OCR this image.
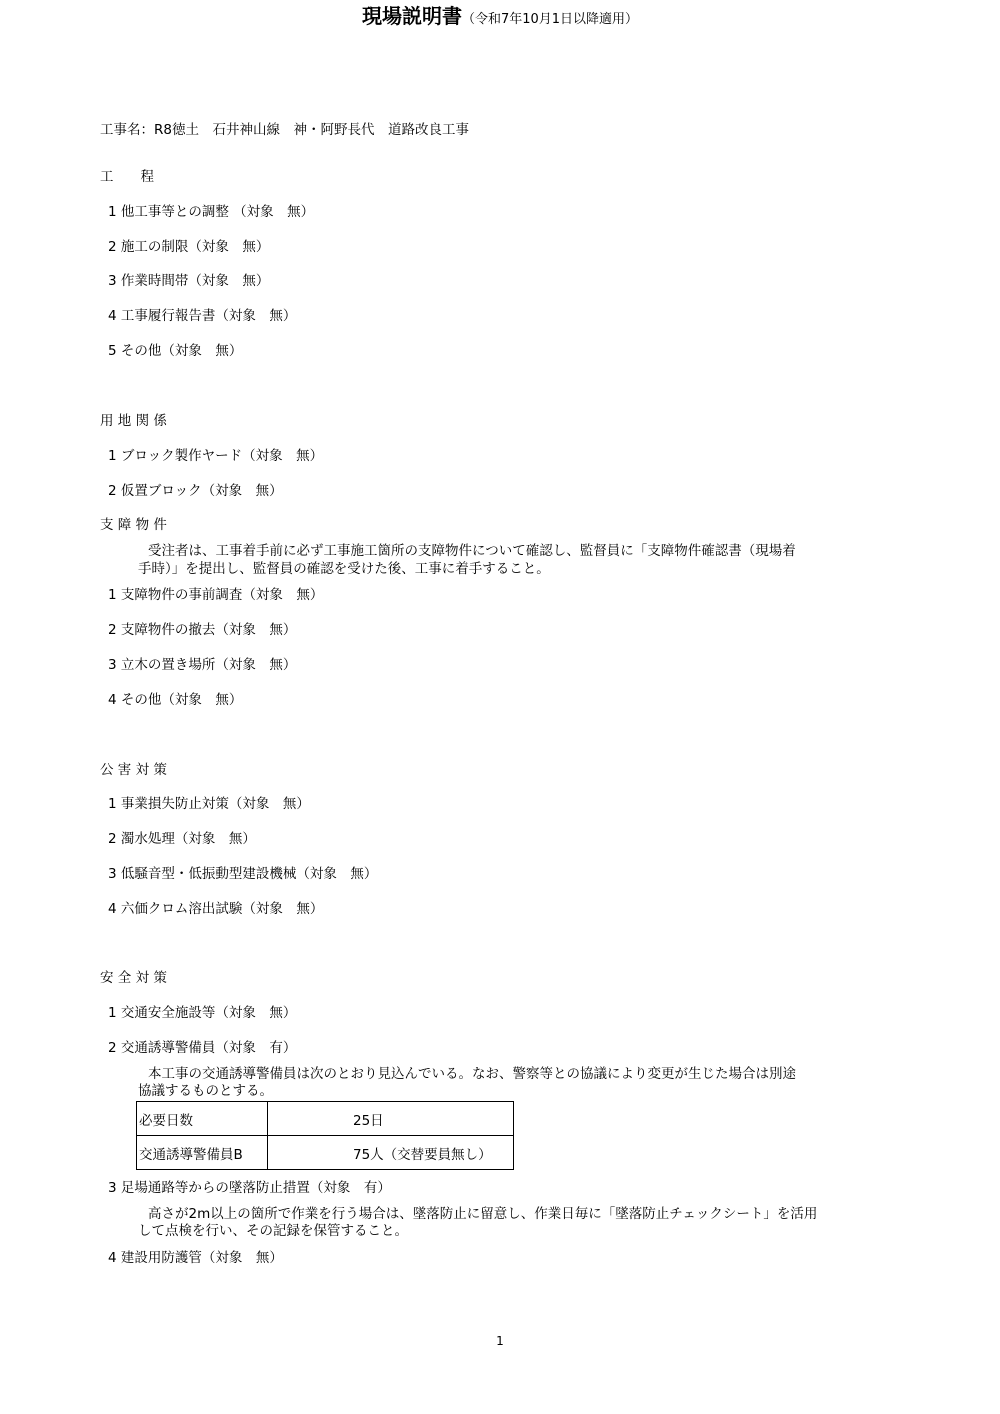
現場説明書（令和7年10月1日以降適用）
工事名：R8徳土　石井神山線　神・阿野長代　道路改良工事
工　　程
1 他工事等との調整 （対象　無）
2 施工の制限（対象　無）
3 作業時間帯（対象　無）
4 工事履行報告書（対象　無）
5 その他（対象　無）
用 地 関 係
1 ブロック製作ヤード（対象　無）
2 仮置ブロック（対象　無）
支 障 物 件
受注者は、工事着手前に必ず工事施工箇所の支障物件について確認し、監督員に「支障物件確認書（現場着
手時）」を提出し、監督員の確認を受けた後、工事に着手すること。
1 支障物件の事前調査（対象　無）
2 支障物件の撤去（対象　無）
3 立木の置き場所（対象　無）
4 その他（対象　無）
公 害 対 策
1 事業損失防止対策（対象　無）
2 濁水処理（対象　無）
3 低騒音型・低振動型建設機械（対象　無）
4 六価クロム溶出試験（対象　無）
安 全 対 策
1 交通安全施設等（対象　無）
2 交通誘導警備員（対象　有）
本工事の交通誘導警備員は次のとおり見込んでいる。なお、警察等との協議により変更が生じた場合は別途
協議するものとする。
必要日数	25日
交通誘導警備員B	75人（交替要員無し）
3 足場通路等からの墜落防止措置（対象　有）
高さが2m以上の箇所で作業を行う場合は、墜落防止に留意し、作業日毎に「墜落防止チェックシート」を活用
して点検を行い、その記録を保管すること。
4 建設用防護管（対象　無）
1
